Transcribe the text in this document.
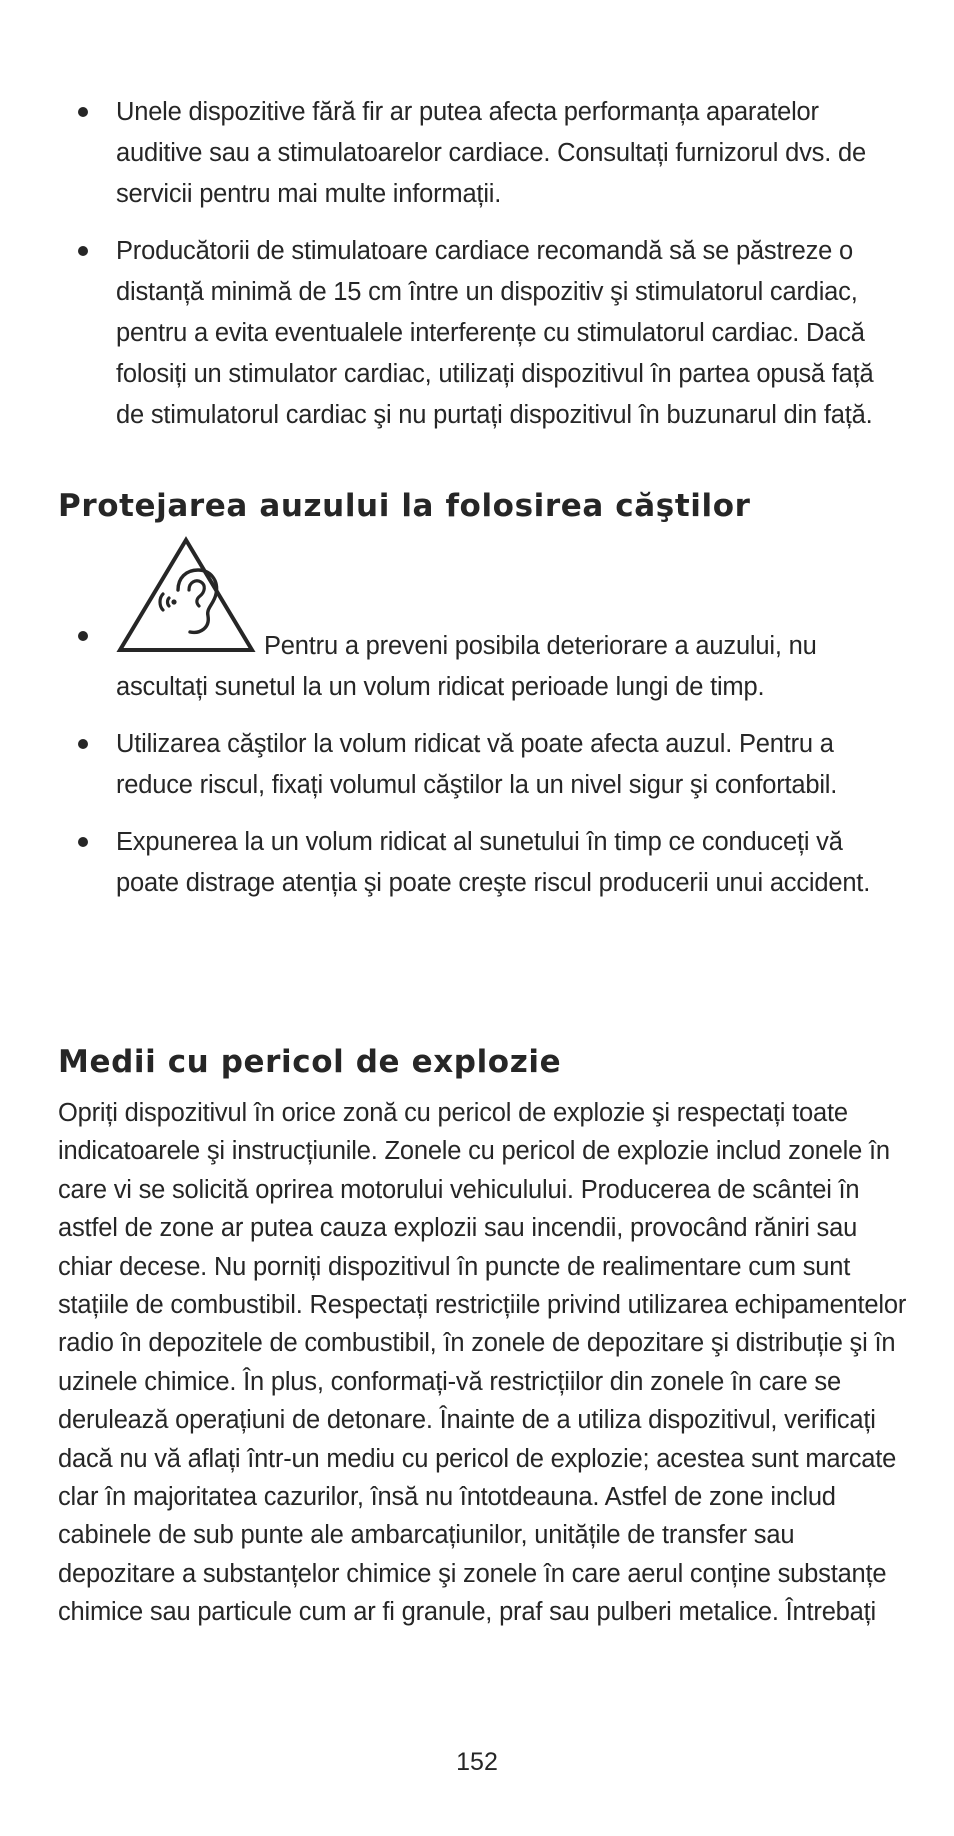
Unele dispozitive fără fir ar putea afecta performanța aparatelor auditive sau a stimulatoarelor cardiace. Consultați furnizorul dvs. de servicii pentru mai multe informații.
Producătorii de stimulatoare cardiace recomandă să se păstreze o distanță minimă de 15 cm între un dispozitiv şi stimulatorul cardiac, pentru a evita eventualele interferențe cu stimulatorul cardiac. Dacă folosiți un stimulator cardiac, utilizați dispozitivul în partea opusă față de stimulatorul cardiac şi nu purtați dispozitivul în buzunarul din față.
Protejarea auzului la folosirea căştilor
Pentru a preveni posibila deteriorare a auzului, nu ascultați sunetul la un volum ridicat perioade lungi de timp.
Utilizarea căştilor la volum ridicat vă poate afecta auzul. Pentru a reduce riscul, fixați volumul căştilor la un nivel sigur şi confortabil.
Expunerea la un volum ridicat al sunetului în timp ce conduceți vă poate distrage atenția şi poate creşte riscul producerii unui accident.
Medii cu pericol de explozie

Opriți dispozitivul în orice zonă cu pericol de explozie şi respectați toate indicatoarele şi instrucțiunile. Zonele cu pericol de explozie includ zonele în care vi se solicită oprirea motorului vehiculului. Producerea de scântei în astfel de zone ar putea cauza explozii sau incendii, provocând răniri sau chiar decese. Nu porniți dispozitivul în puncte de realimentare cum sunt stațiile de combustibil. Respectați restricțiile privind utilizarea echipamentelor radio în depozitele de combustibil, în zonele de depozitare şi distribuție şi în uzinele chimice. În plus, conformați-vă restricțiilor din zonele în care se derulează operațiuni de detonare. Înainte de a utiliza dispozitivul, verificați dacă nu vă aflați într-un mediu cu pericol de explozie; acestea sunt marcate clar în majoritatea cazurilor, însă nu întotdeauna. Astfel de zone includ cabinele de sub punte ale ambarcațiunilor, unitățile de transfer sau depozitare a substanțelor chimice şi zonele în care aerul conține substanțe chimice sau particule cum ar fi granule, praf sau pulberi metalice. Întrebați

152
